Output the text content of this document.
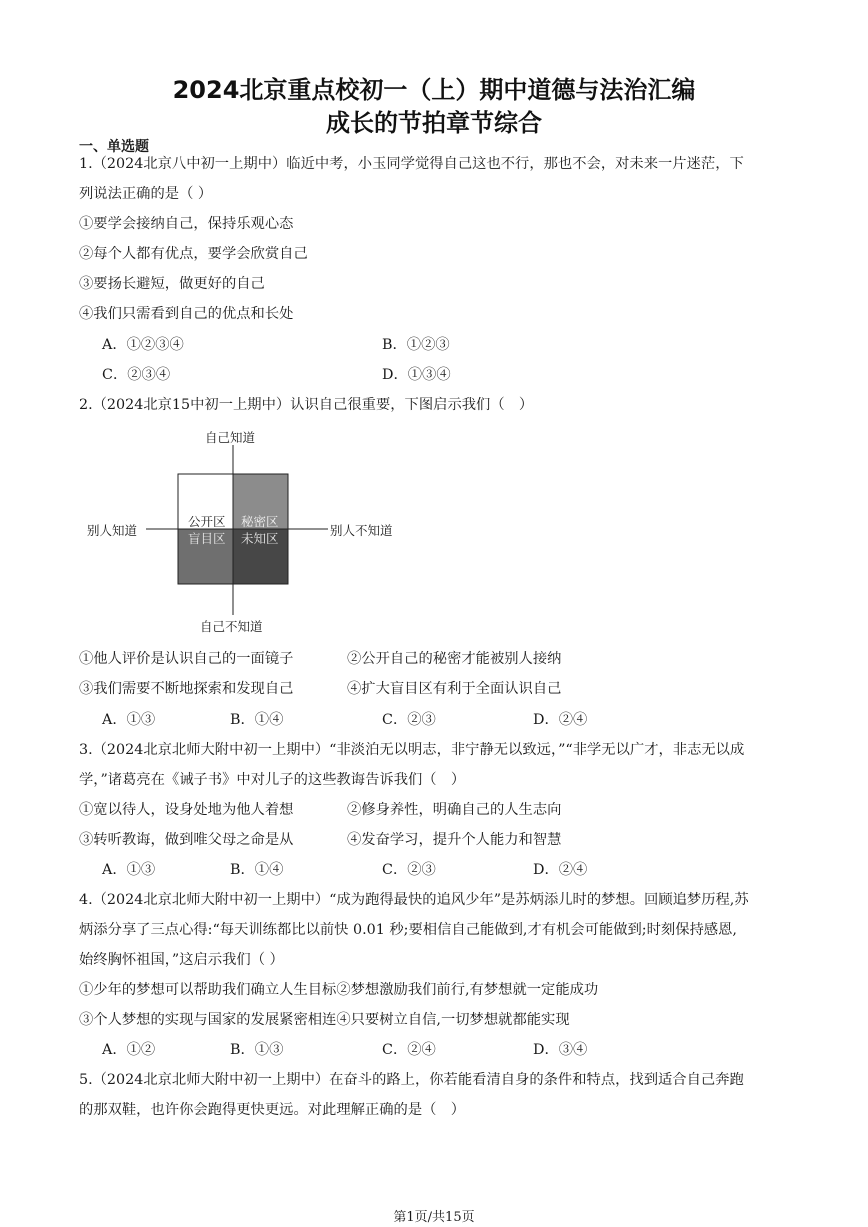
2024北京重点校初一（上）期中道德与法治汇编
成长的节拍章节综合
一、单选题
1.（2024北京八中初一上期中）临近中考，小玉同学觉得自己这也不行，那也不会，对未来一片迷茫，下
列说法正确的是（ ）
①要学会接纳自己，保持乐观心态
②每个人都有优点，要学会欣赏自己
③要扬长避短，做更好的自己
④我们只需看到自己的优点和长处
A．①②③④	B．①②③
C．②③④	D．①③④
2.（2024北京15中初一上期中）认识自己很重要，下图启示我们（　）
自己知道
自己不知道
别人知道	别人不知道
公开区 秘密区
盲目区 未知区
①他人评价是认识自己的一面镜子	②公开自己的秘密才能被别人接纳
③我们需要不断地探索和发现自己	④扩大盲目区有利于全面认识自己
A．①③	B．①④	C．②③	D．②④
3.（2024北京北师大附中初一上期中）“非淡泊无以明志，非宁静无以致远，”“非学无以广才，非志无以成
学，”诸葛亮在《诫子书》中对儿子的这些教诲告诉我们（　）
①宽以待人，设身处地为他人着想	②修身养性，明确自己的人生志向
③转听教诲，做到唯父母之命是从	④发奋学习，提升个人能力和智慧
A．①③	B．①④	C．②③	D．②④
4.（2024北京北师大附中初一上期中）“成为跑得最快的追风少年”是苏炳添儿时的梦想。回顾追梦历程,苏
炳添分享了三点心得:“每天训练都比以前快 0.01 秒;要相信自己能做到,才有机会可能做到;时刻保持感恩,
始终胸怀祖国，”这启示我们（ ）
①少年的梦想可以帮助我们确立人生目标②梦想激励我们前行,有梦想就一定能成功
③个人梦想的实现与国家的发展紧密相连④只要树立自信,一切梦想就都能实现
A．①②	B．①③	C．②④	D．③④
5.（2024北京北师大附中初一上期中）在奋斗的路上，你若能看清自身的条件和特点，找到适合自己奔跑
的那双鞋，也许你会跑得更快更远。对此理解正确的是（　）
第1页/共15页
